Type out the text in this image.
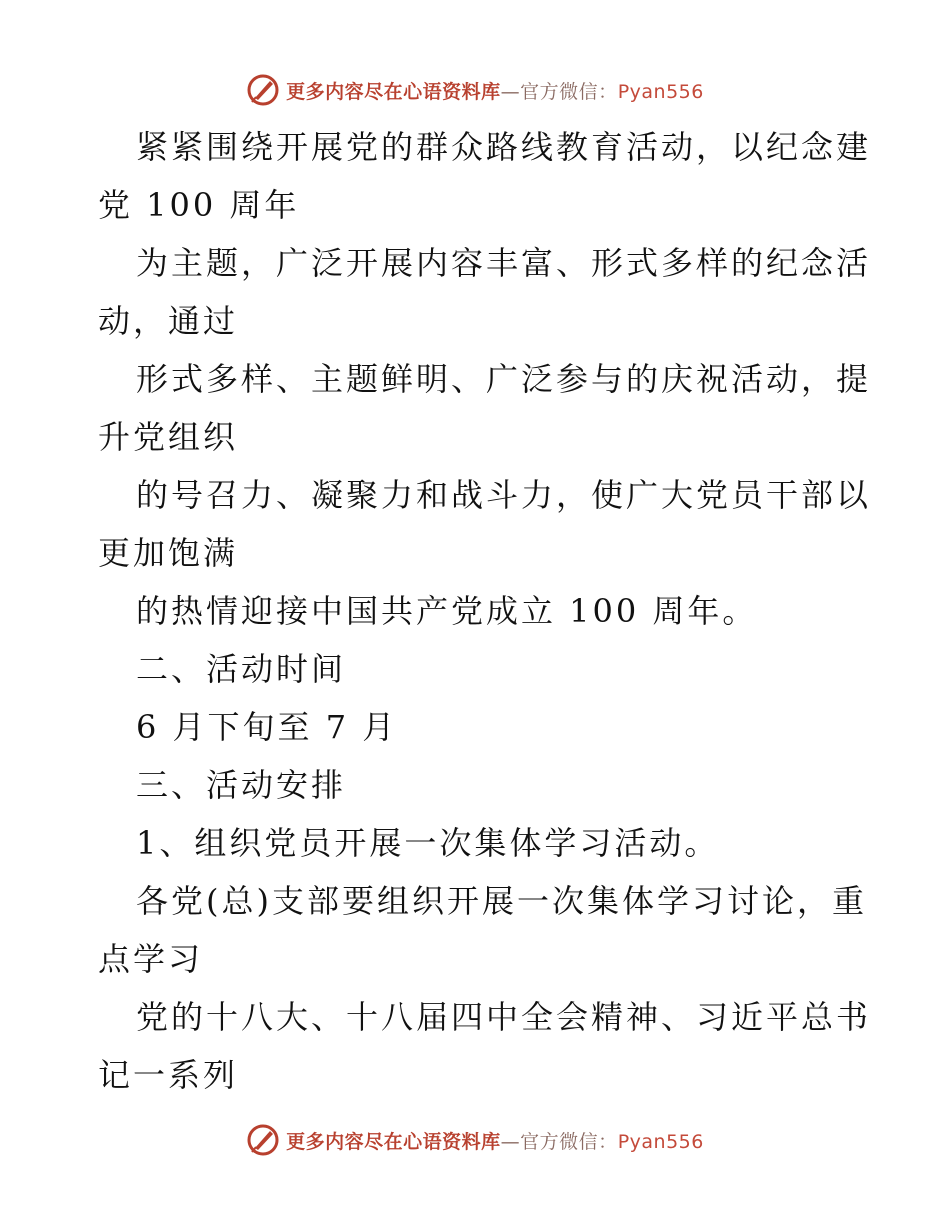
更多内容尽在心语资料库—官方微信：Pyan556
紧紧围绕开展党的群众路线教育活动，以纪念建
党 100 周年
为主题，广泛开展内容丰富、形式多样的纪念活
动，通过
形式多样、主题鲜明、广泛参与的庆祝活动，提
升党组织
的号召力、凝聚力和战斗力，使广大党员干部以
更加饱满
的热情迎接中国共产党成立 100 周年。
二、活动时间
6 月下旬至 7 月
三、活动安排
1、组织党员开展一次集体学习活动。
各党(总)支部要组织开展一次集体学习讨论，重
点学习
党的十八大、十八届四中全会精神、习近平总书
记一系列
更多内容尽在心语资料库—官方微信：Pyan556
